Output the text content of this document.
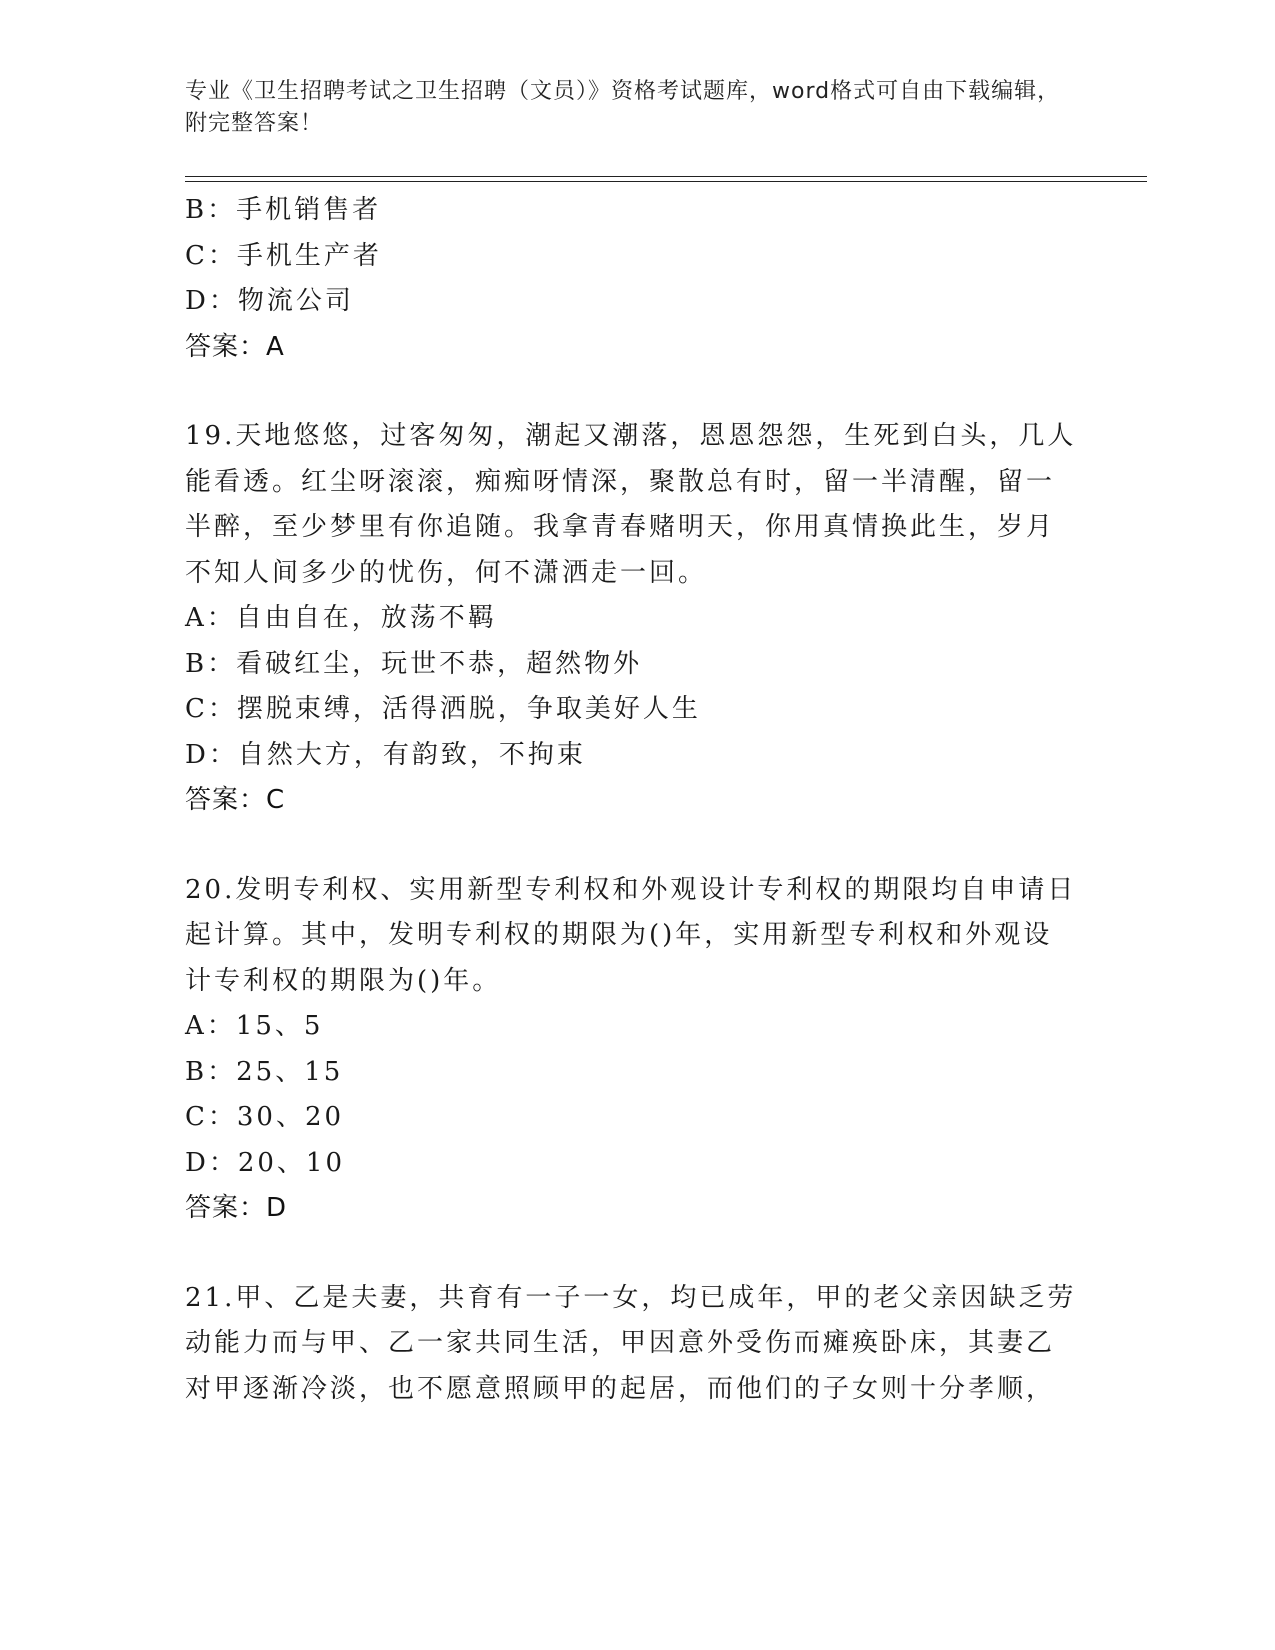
专业《卫生招聘考试之卫生招聘（文员）》资格考试题库，word格式可自由下载编辑，附完整答案！
B：手机销售者
C：手机生产者
D：物流公司
答案：A
19.天地悠悠，过客匆匆，潮起又潮落，恩恩怨怨，生死到白头，几人
能看透。红尘呀滚滚，痴痴呀情深，聚散总有时，留一半清醒，留一
半醉，至少梦里有你追随。我拿青春赌明天，你用真情换此生，岁月
不知人间多少的忧伤，何不潇洒走一回。
A：自由自在，放荡不羁
B：看破红尘，玩世不恭，超然物外
C：摆脱束缚，活得洒脱，争取美好人生
D：自然大方，有韵致，不拘束
答案：C
20.发明专利权、实用新型专利权和外观设计专利权的期限均自申请日
起计算。其中，发明专利权的期限为()年，实用新型专利权和外观设
计专利权的期限为()年。
A：15、5
B：25、15
C：30、20
D：20、10
答案：D
21.甲、乙是夫妻，共育有一子一女，均已成年，甲的老父亲因缺乏劳
动能力而与甲、乙一家共同生活，甲因意外受伤而瘫痪卧床，其妻乙
对甲逐渐冷淡，也不愿意照顾甲的起居，而他们的子女则十分孝顺，
